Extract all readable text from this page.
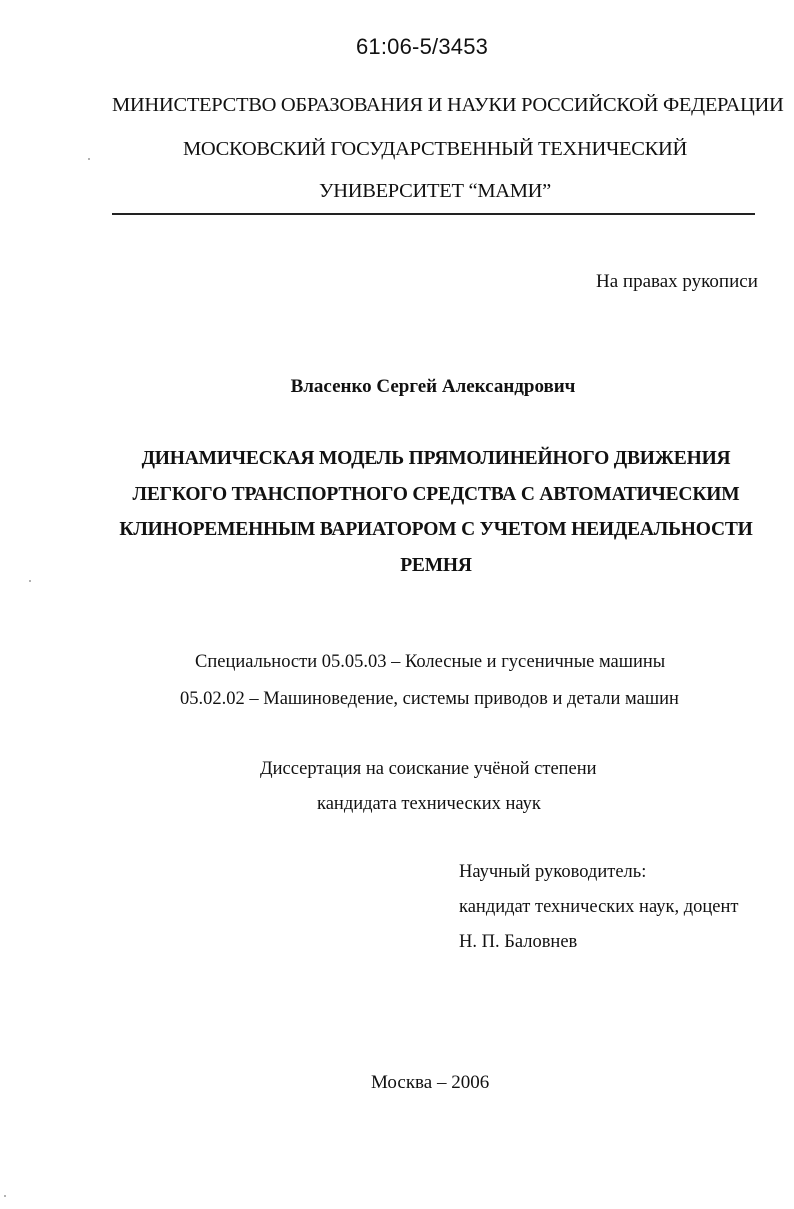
61:06-5/3453
МИНИСТЕРСТВО ОБРАЗОВАНИЯ И НАУКИ РОССИЙСКОЙ ФЕДЕРАЦИИ
МОСКОВСКИЙ ГОСУДАРСТВЕННЫЙ ТЕХНИЧЕСКИЙ
УНИВЕРСИТЕТ “МАМИ”
На правах рукописи
Власенко Сергей Александрович
ДИНАМИЧЕСКАЯ МОДЕЛЬ ПРЯМОЛИНЕЙНОГО ДВИЖЕНИЯ
ЛЕГКОГО ТРАНСПОРТНОГО СРЕДСТВА С АВТОМАТИЧЕСКИМ
КЛИНОРЕМЕННЫМ ВАРИАТОРОМ С УЧЕТОМ НЕИДЕАЛЬНОСТИ
РЕМНЯ
Специальности 05.05.03 – Колесные и гусеничные машины
05.02.02 – Машиноведение, системы приводов и детали машин
Диссертация на соискание учёной степени
кандидата технических наук
Научный руководитель:
кандидат технических наук, доцент
Н. П. Баловнев
Москва – 2006
